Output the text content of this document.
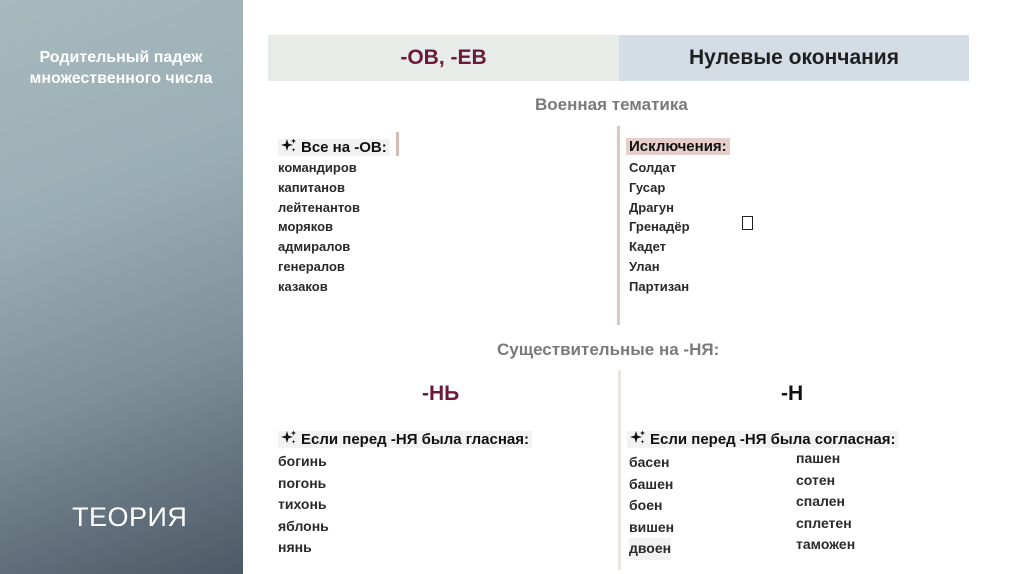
Родительный падеж
множественного числа
ТЕОРИЯ
-ОВ, -ЕВ	Нулевые окончания
Военная тематика
Все на -ОВ:
командиров
капитанов
лейтенантов
моряков
адмиралов
генералов
казаков
Исключения:
Солдат
Гусар
Драгун
Гренадёр
Кадет
Улан
Партизан
Существительные на -НЯ:
-НЬ	-Н
Если перед -НЯ была гласная:
богинь
погонь
тихонь
яблонь
нянь
Если перед -НЯ была согласная:
басен
башен
боен
вишен
двоен
пашен
сотен
спален
сплетен
таможен
